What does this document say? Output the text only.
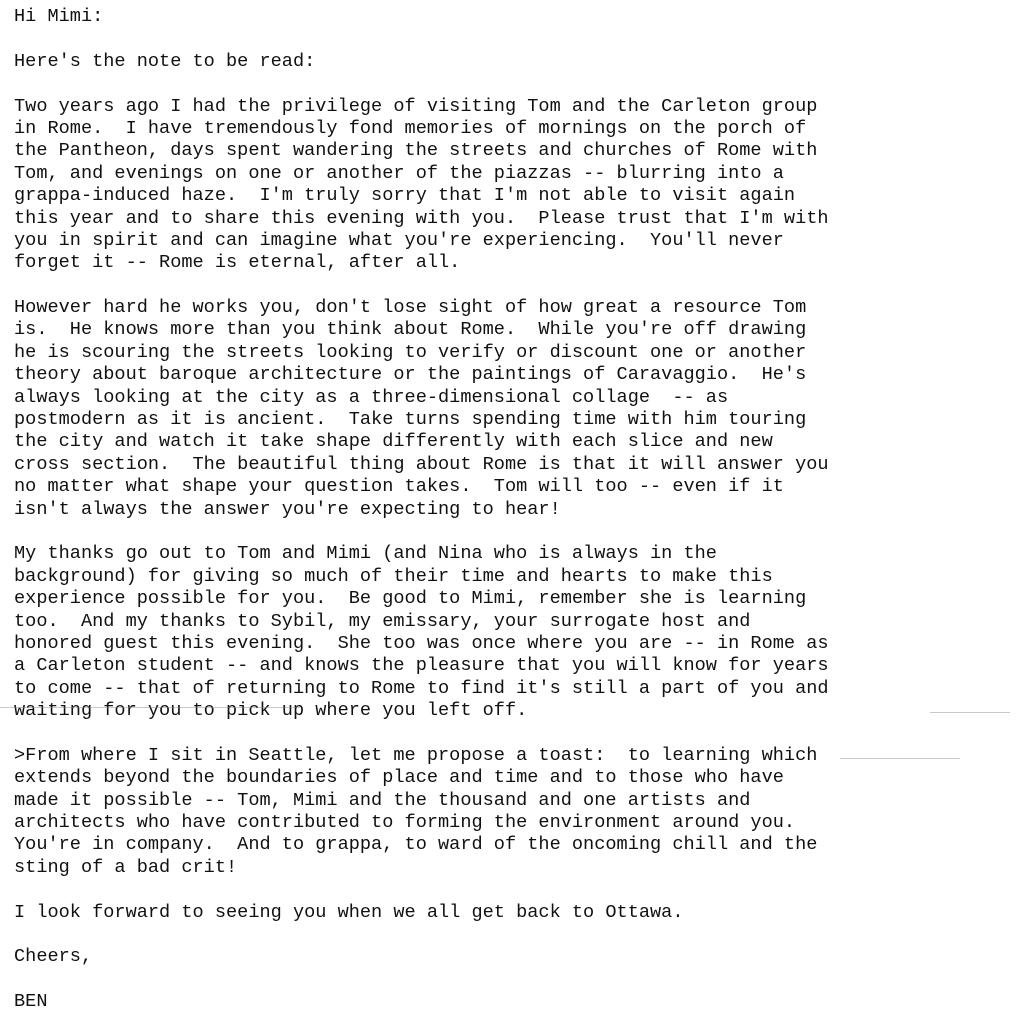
Hi Mimi:
Here's the note to be read:
Two years ago I had the privilege of visiting Tom and the Carleton group
in Rome.  I have tremendously fond memories of mornings on the porch of
the Pantheon, days spent wandering the streets and churches of Rome with
Tom, and evenings on one or another of the piazzas -- blurring into a
grappa-induced haze.  I'm truly sorry that I'm not able to visit again
this year and to share this evening with you.  Please trust that I'm with
you in spirit and can imagine what you're experiencing.  You'll never
forget it -- Rome is eternal, after all.
However hard he works you, don't lose sight of how great a resource Tom
is.  He knows more than you think about Rome.  While you're off drawing
he is scouring the streets looking to verify or discount one or another
theory about baroque architecture or the paintings of Caravaggio.  He's
always looking at the city as a three-dimensional collage  -- as
postmodern as it is ancient.  Take turns spending time with him touring
the city and watch it take shape differently with each slice and new
cross section.  The beautiful thing about Rome is that it will answer you
no matter what shape your question takes.  Tom will too -- even if it
isn't always the answer you're expecting to hear!
My thanks go out to Tom and Mimi (and Nina who is always in the
background) for giving so much of their time and hearts to make this
experience possible for you.  Be good to Mimi, remember she is learning
too.  And my thanks to Sybil, my emissary, your surrogate host and
honored guest this evening.  She too was once where you are -- in Rome as
a Carleton student -- and knows the pleasure that you will know for years
to come -- that of returning to Rome to find it's still a part of you and
waiting for you to pick up where you left off.
>From where I sit in Seattle, let me propose a toast:  to learning which
extends beyond the boundaries of place and time and to those who have
made it possible -- Tom, Mimi and the thousand and one artists and
architects who have contributed to forming the environment around you.
You're in company.  And to grappa, to ward of the oncoming chill and the
sting of a bad crit!
I look forward to seeing you when we all get back to Ottawa.
Cheers,
BEN
